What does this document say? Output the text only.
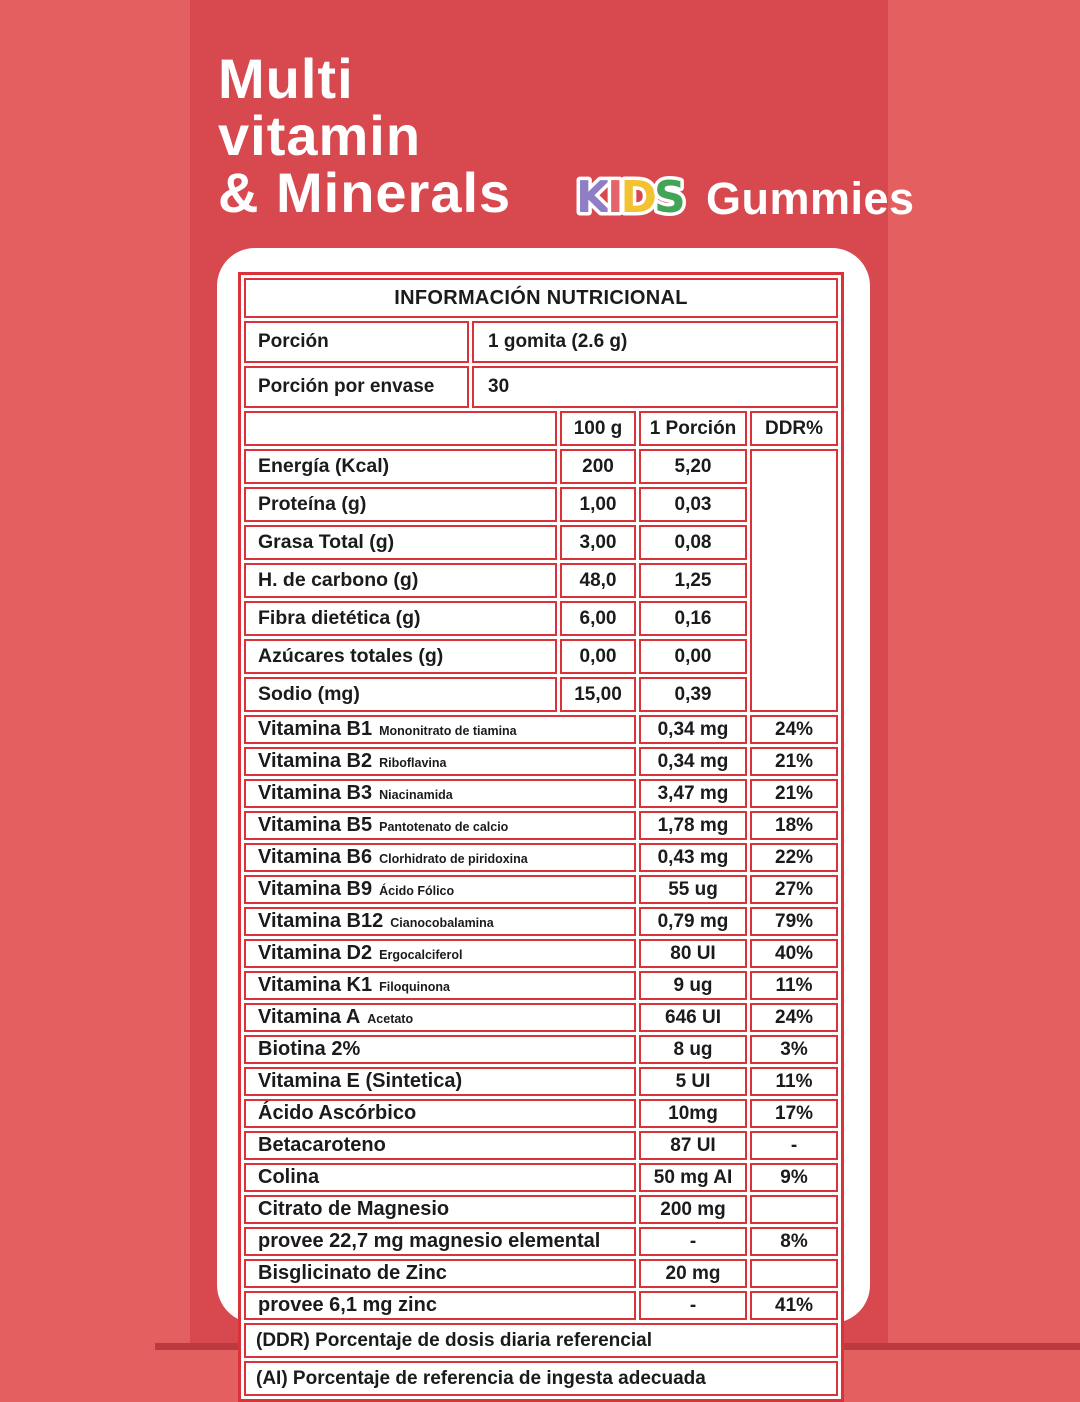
Multi
vitamin
& Minerals KIDS Gummies
INFORMACIÓN NUTRICIONAL				
Porción	1 gomita (2.6 g)			
Porción por envase	30			
		100 g	1 Porción	DDR%
Energía (Kcal)		200	5,20	
Proteína (g)		1,00	0,03	
Grasa Total (g)		3,00	0,08	
H. de carbono (g)		48,0	1,25	
Fibra dietética (g)		6,00	0,16	
Azúcares totales (g)		0,00	0,00	
Sodio (mg)		15,00	0,39	
Vitamina B1 Mononitrato de tiamina			0,34 mg	24%
Vitamina B2 Riboflavina			0,34 mg	21%
Vitamina B3 Niacinamida			3,47 mg	21%
Vitamina B5 Pantotenato de calcio			1,78 mg	18%
Vitamina B6 Clorhidrato de piridoxina			0,43 mg	22%
Vitamina B9 Ácido Fólico			55 ug	27%
Vitamina B12 Cianocobalamina			0,79 mg	79%
Vitamina D2 Ergocalciferol			80 UI	40%
Vitamina K1 Filoquinona			9 ug	11%
Vitamina A Acetato			646 UI	24%
Biotina 2%			8 ug	3%
Vitamina E (Sintetica)			5 UI	11%
Ácido Ascórbico			10mg	17%
Betacaroteno			87 UI	-
Colina			50 mg AI	9%
Citrato de Magnesio			200 mg	
provee 22,7 mg magnesio elemental			-	8%
Bisglicinato de Zinc			20 mg	
provee 6,1 mg zinc			-	41%
(DDR) Porcentaje de dosis diaria referencial				
(AI) Porcentaje de referencia de ingesta adecuada				
